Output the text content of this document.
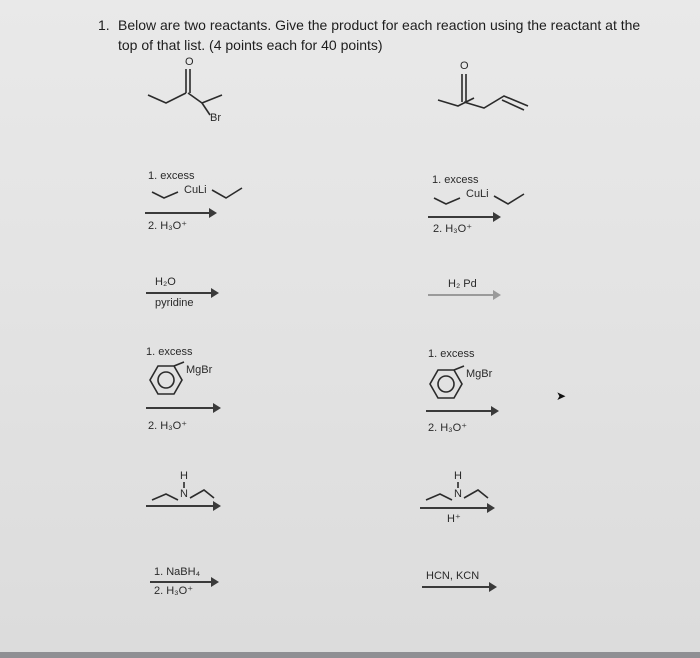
1. Below are two reactants. Give the product for each reaction using the reactant at the top of that list. (4 points each for 40 points)
O
Br
O
1. excess
CuLi
2. H₃O⁺
1. excess
CuLi
2. H₃O⁺
H₂O
pyridine
H₂ Pd
1. excess
MgBr
2. H₃O⁺
1. excess
MgBr
2. H₃O⁺
H
N
H
N
H⁺
1. NaBH₄
2. H₃O⁺
HCN, KCN
➤
